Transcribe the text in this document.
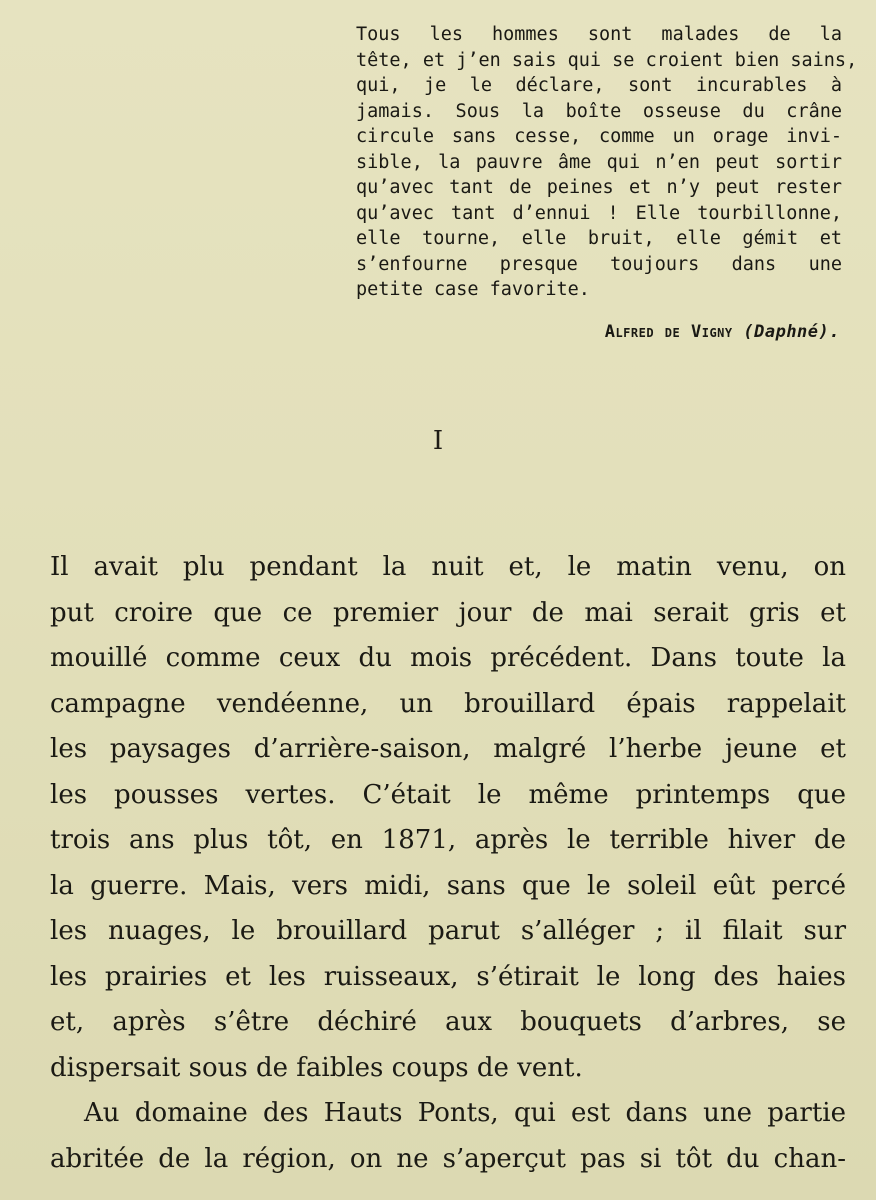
Tous les hommes sont malades de la
tête, et j’en sais qui se croient bien sains,
qui, je le déclare, sont incurables à
jamais. Sous la boîte osseuse du crâne
circule sans cesse, comme un orage invi-
sible, la pauvre âme qui n’en peut sortir
qu’avec tant de peines et n’y peut rester
qu’avec tant d’ennui ! Elle tourbillonne,
elle tourne, elle bruit, elle gémit et
s’enfourne presque toujours dans une
petite case favorite.
Alfred de Vigny (Daphné).
I
Il avait plu pendant la nuit et, le matin venu, on
put croire que ce premier jour de mai serait gris et
mouillé comme ceux du mois précédent. Dans toute la
campagne vendéenne, un brouillard épais rappelait
les paysages d’arrière-saison, malgré l’herbe jeune et
les pousses vertes. C’était le même printemps que
trois ans plus tôt, en 1871, après le terrible hiver de
la guerre. Mais, vers midi, sans que le soleil eût percé
les nuages, le brouillard parut s’alléger ; il filait sur
les prairies et les ruisseaux, s’étirait le long des haies
et, après s’être déchiré aux bouquets d’arbres, se
dispersait sous de faibles coups de vent.
Au domaine des Hauts Ponts, qui est dans une partie
abritée de la région, on ne s’aperçut pas si tôt du chan-
